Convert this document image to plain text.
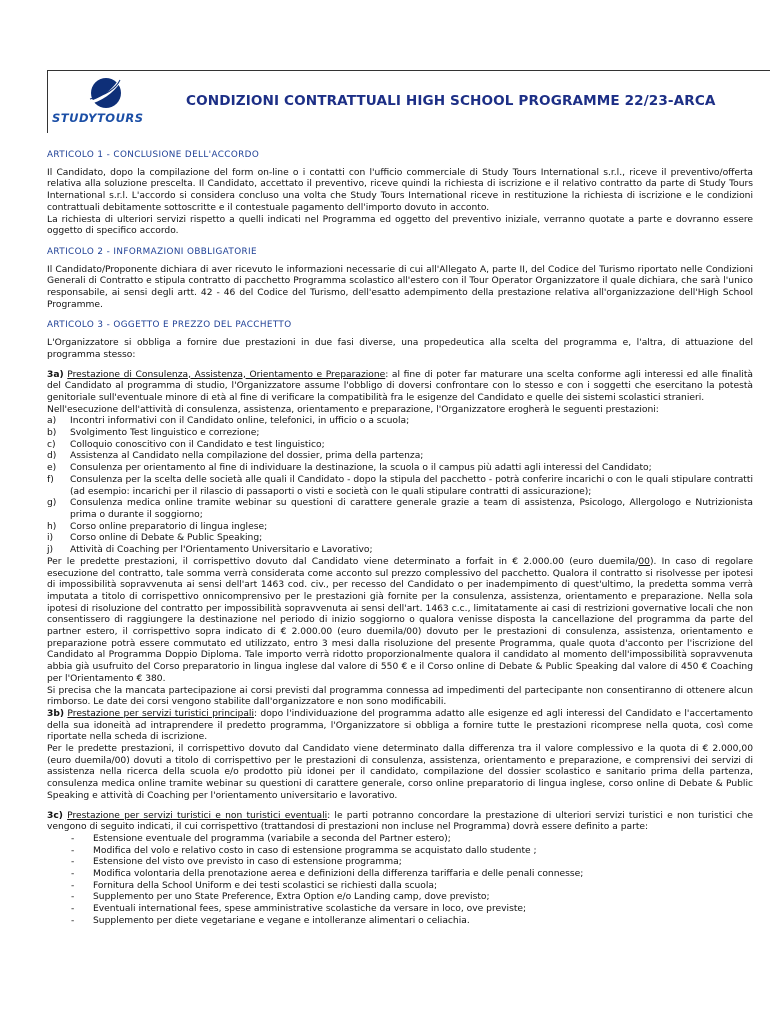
STUDYTOURS
CONDIZIONI CONTRATTUALI HIGH SCHOOL PROGRAMME 22/23-ARCA
ARTICOLO 1 - CONCLUSIONE DELL'ACCORDO

Il Candidato, dopo la compilazione del form on-line o i contatti con l'ufficio commerciale di Study Tours International s.r.l., riceve il preventivo/offerta relativa alla soluzione prescelta. Il Candidato, accettato il preventivo, riceve quindi la richiesta di iscrizione e il relativo contratto da parte di Study Tours International s.r.l. L'accordo si considera concluso una volta che Study Tours International riceve in restituzione la richiesta di iscrizione e le condizioni contrattuali debitamente sottoscritte e il contestuale pagamento dell'importo dovuto in acconto.

La richiesta di ulteriori servizi rispetto a quelli indicati nel Programma ed oggetto del preventivo iniziale, verranno quotate a parte e dovranno essere oggetto di specifico accordo.

ARTICOLO 2 - INFORMAZIONI OBBLIGATORIE

Il Candidato/Proponente dichiara di aver ricevuto le informazioni necessarie di cui all'Allegato A, parte II, del Codice del Turismo riportato nelle Condizioni Generali di Contratto e stipula contratto di pacchetto Programma scolastico all'estero con il Tour Operator Organizzatore il quale dichiara, che sarà l'unico responsabile, ai sensi degli artt. 42 - 46 del Codice del Turismo, dell'esatto adempimento della prestazione relativa all'organizzazione dell'High School Programme.

ARTICOLO 3 - OGGETTO E PREZZO DEL PACCHETTO

L'Organizzatore si obbliga a fornire due prestazioni in due fasi diverse, una propedeutica alla scelta del programma e, l'altra, di attuazione del programma stesso:

3a) Prestazione di Consulenza, Assistenza, Orientamento e Preparazione: al fine di poter far maturare una scelta conforme agli interessi ed alle finalità del Candidato al programma di studio, l'Organizzatore assume l'obbligo di doversi confrontare con lo stesso e con i soggetti che esercitano la potestà genitoriale sull'eventuale minore di età al fine di verificare la compatibilità fra le esigenze del Candidato e quelle dei sistemi scolastici stranieri.

Nell'esecuzione dell'attività di consulenza, assistenza, orientamento e preparazione, l'Organizzatore erogherà le seguenti prestazioni:

a)	Incontri informativi con il Candidato online, telefonici, in ufficio o a scuola;
b)	Svolgimento Test linguistico e correzione;
c)	Colloquio conoscitivo con il Candidato e test linguistico;
d)	Assistenza al Candidato nella compilazione del dossier, prima della partenza;
e)	Consulenza per orientamento al fine di individuare la destinazione, la scuola o il campus più adatti agli interessi del Candidato;
f)	Consulenza per la scelta delle società alle quali il Candidato - dopo la stipula del pacchetto - potrà conferire incarichi o con le quali stipulare contratti (ad esempio: incarichi per il rilascio di passaporti o visti e società con le quali stipulare contratti di assicurazione);
g)	Consulenza medica online tramite webinar su questioni di carattere generale grazie a team di assistenza, Psicologo, Allergologo e Nutrizionista prima o durante il soggiorno;
h)	Corso online preparatorio di lingua inglese;
i)	Corso online di Debate & Public Speaking;
j)	Attività di Coaching per l'Orientamento Universitario e Lavorativo;

Per le predette prestazioni, il corrispettivo dovuto dal Candidato viene determinato a forfait in € 2.000.00 (euro duemila/00). In caso di regolare esecuzione del contratto, tale somma verrà considerata come acconto sul prezzo complessivo del pacchetto. Qualora il contratto si risolvesse per ipotesi di impossibilità sopravvenuta ai sensi dell'art 1463 cod. civ., per recesso del Candidato o per inadempimento di quest'ultimo, la predetta somma verrà imputata a titolo di corrispettivo onnicomprensivo per le prestazioni già fornite per la consulenza, assistenza, orientamento e preparazione. Nella sola ipotesi di risoluzione del contratto per impossibilità sopravvenuta ai sensi dell'art. 1463 c.c., limitatamente ai casi di restrizioni governative locali che non consentissero di raggiungere la destinazione nel periodo di inizio soggiorno o qualora venisse disposta la cancellazione del programma da parte del partner estero, il corrispettivo sopra indicato di € 2.000.00 (euro duemila/00) dovuto per le prestazioni di consulenza, assistenza, orientamento e preparazione potrà essere commutato ed utilizzato, entro 3 mesi dalla risoluzione del presente Programma, quale quota d'acconto per l'iscrizione del Candidato al Programma Doppio Diploma. Tale importo verrà ridotto proporzionalmente qualora il candidato al momento dell'impossibilità sopravvenuta abbia già usufruito del Corso preparatorio in lingua inglese dal valore di 550 € e il Corso online di Debate & Public Speaking dal valore di 450 € Coaching per l'Orientamento € 380.

Si precisa che la mancata partecipazione ai corsi previsti dal programma connessa ad impedimenti del partecipante non consentiranno di ottenere alcun rimborso. Le date dei corsi vengono stabilite dall'organizzatore e non sono modificabili.

3b) Prestazione per servizi turistici principali: dopo l'individuazione del programma adatto alle esigenze ed agli interessi del Candidato e l'accertamento della sua idoneità ad intraprendere il predetto programma, l'Organizzatore si obbliga a fornire tutte le prestazioni ricomprese nella quota, così come riportate nella scheda di iscrizione.

Per le predette prestazioni, il corrispettivo dovuto dal Candidato viene determinato dalla differenza tra il valore complessivo e la quota di € 2.000,00 (euro duemila/00) dovuti a titolo di corrispettivo per le prestazioni di consulenza, assistenza, orientamento e preparazione, e comprensivi dei servizi di assistenza nella ricerca della scuola e/o prodotto più idonei per il candidato, compilazione del dossier scolastico e sanitario prima della partenza, consulenza medica online tramite webinar su questioni di carattere generale, corso online preparatorio di lingua inglese, corso online di Debate & Public Speaking e attività di Coaching per l'orientamento universitario e lavorativo.

3c) Prestazione per servizi turistici e non turistici eventuali: le parti potranno concordare la prestazione di ulteriori servizi turistici e non turistici che vengono di seguito indicati, il cui corrispettivo (trattandosi di prestazioni non incluse nel Programma) dovrà essere definito a parte:

-	Estensione eventuale del programma (variabile a seconda del Partner estero);
-	Modifica del volo e relativo costo in caso di estensione programma se acquistato dallo studente ;
-	Estensione del visto ove previsto in caso di estensione programma;
-	Modifica volontaria della prenotazione aerea e definizioni della differenza tariffaria e delle penali connesse;
-	Fornitura della School Uniform e dei testi scolastici se richiesti dalla scuola;
-	Supplemento per uno State Preference, Extra Option e/o Landing camp, dove previsto;
-	Eventuali international fees, spese amministrative scolastiche da versare in loco, ove previste;
-	Supplemento per diete vegetariane e vegane e intolleranze alimentari o celiachia.
